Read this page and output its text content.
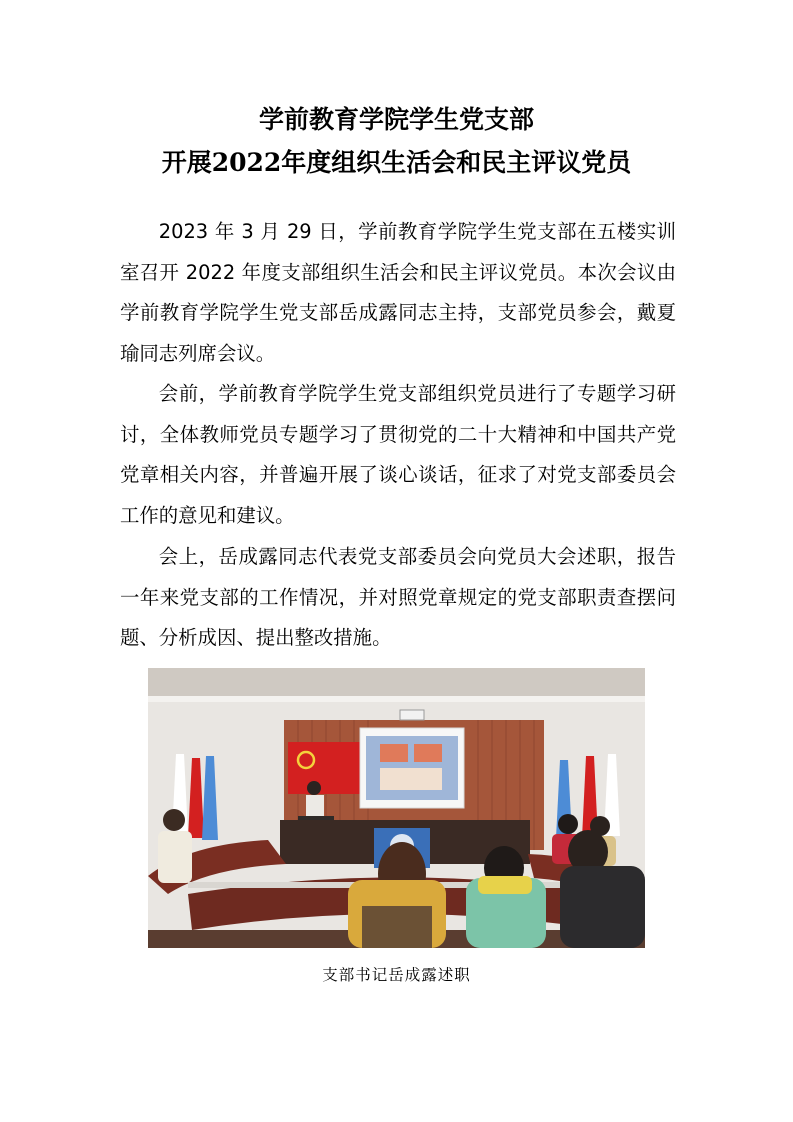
学前教育学院学生党支部
开展2022年度组织生活会和民主评议党员

2023 年 3 月 29 日，学前教育学院学生党支部在五楼实训室召开 2022 年度支部组织生活会和民主评议党员。本次会议由学前教育学院学生党支部岳成露同志主持，支部党员参会，戴夏瑜同志列席会议。

会前，学前教育学院学生党支部组织党员进行了专题学习研讨，全体教师党员专题学习了贯彻党的二十大精神和中国共产党党章相关内容，并普遍开展了谈心谈话，征求了对党支部委员会工作的意见和建议。

会上，岳成露同志代表党支部委员会向党员大会述职，报告一年来党支部的工作情况，并对照党章规定的党支部职责查摆问题、分析成因、提出整改措施。

支部书记岳成露述职
